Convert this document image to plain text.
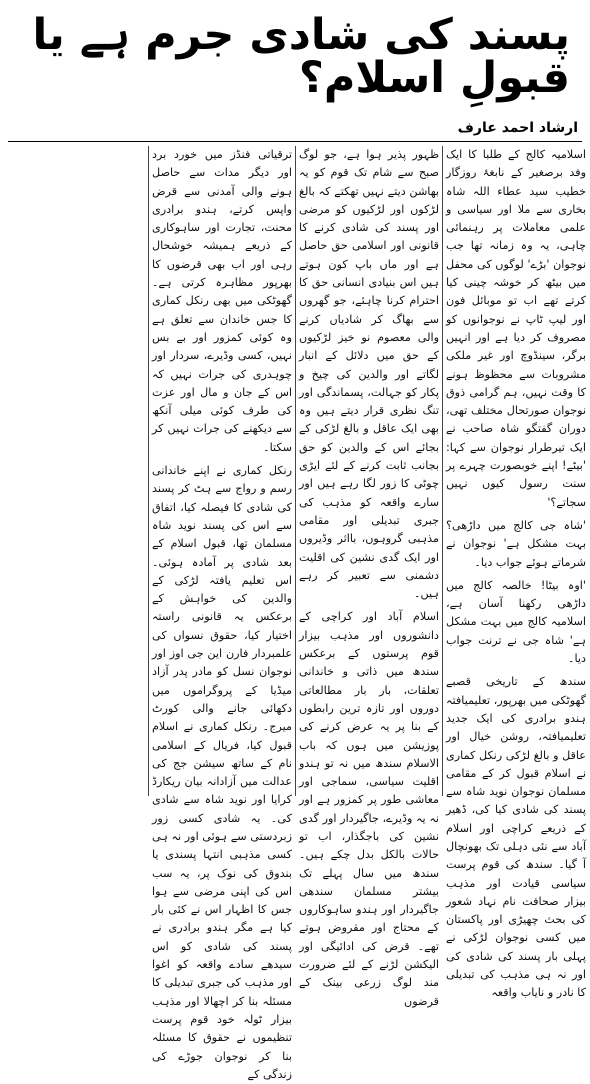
پسند کی شادی جرم ہے یا قبولِ اسلام؟
ارشاد احمد عارف

اسلامیہ کالج کے طلبا کا ایک وفد برصغیر کے نابغۂ روزگار خطیب سید عطاء اللہ شاہ بخاری سے ملا اور سیاسی و علمی معاملات پر رہنمائی چاہی، یہ وہ زمانہ تھا جب نوجوان 'بڑے' لوگوں کی محفل میں بیٹھ کر خوشہ چینی کیا کرتے تھے اب تو موبائل فون اور لیپ ٹاپ نے نوجوانوں کو مصروف کر دیا ہے اور انہیں برگر، سینڈوچ اور غیر ملکی مشروبات سے محظوظ ہونے کا وقت نہیں، ہم گرامی ذوق نوجوان صورتحال مختلف تھی، دوران گفتگو شاہ صاحب نے ایک تیرطرار نوجوان سے کہا: 'بیٹے! اپنے خوبصورت چہرے پر سنت رسول کیوں نہیں سجاتے؟'

'شاہ جی کالج میں داڑھی؟ بہت مشکل ہے' نوجوان نے شرماتے ہوئے جواب دیا۔

'اوہ بیٹا! خالصہ کالج میں داڑھی رکھنا آسان ہے، اسلامیہ کالج میں بہت مشکل ہے' شاہ جی نے ترنت جواب دیا۔

سندھ کے تاریخی قصبے گھوٹکی میں بھرپور، تعلیمیافتہ ہندو برادری کی ایک جدید تعلیمیافتہ، روشن خیال اور عاقل و بالغ لڑکی رنکل کماری نے اسلام قبول کر کے مقامی مسلمان نوجوان نوید شاہ سے پسند کی شادی کیا کی، ڈھیر کے ذریعے کراچی اور اسلام آباد سے نئی دہلی تک بھونچال آ گیا۔ سندھ کی قوم پرست سیاسی قیادت اور مذہب بیزار صحافت نام نہاد شعور کی بحث چھیڑی اور پاکستان میں کسی نوجوان لڑکی نے پہلی بار پسند کی شادی کی اور نہ ہی مذہب کی تبدیلی کا نادر و نایاب واقعہ

ظہور پذیر ہوا ہے، جو لوگ صبح سے شام تک قوم کو یہ بھاشن دیتے نہیں تھکتے کہ بالغ لڑکوں اور لڑکیوں کو مرضی اور پسند کی شادی کرنے کا قانونی اور اسلامی حق حاصل ہے اور ماں باپ کون ہوتے ہیں اس بنیادی انسانی حق کا احترام کرنا چاہئے، جو گھروں سے بھاگ کر شادیاں کرنے والی معصوم نو خیز لڑکیوں کے حق میں دلائل کے انبار لگاتے اور والدین کی چیخ و پکار کو جہالت، پسماندگی اور تنگ نظری قرار دیتے ہیں وہ بھی ایک عاقل و بالغ لڑکی کے بجائے اس کے والدین کو حق بجانب ثابت کرنے کے لئے ایڑی چوٹی کا زور لگا رہے ہیں اور سارے واقعہ کو مذہب کی جبری تبدیلی اور مقامی مذہبی گروہوں، بااثر وڈیروں اور ایک گدی نشین کی اقلیت دشمنی سے تعبیر کر رہے ہیں۔

اسلام آباد اور کراچی کے دانشوروں اور مذہب بیزار قوم پرستوں کے برعکس سندھ میں ذاتی و خاندانی تعلقات، بار بار مطالعاتی دوروں اور تازہ ترین رابطوں کے بنا پر یہ عرض کرنے کی پوزیشن میں ہوں کہ باب الاسلام سندھ میں نہ تو ہندو اقلیت سیاسی، سماجی اور معاشی طور پر کمزور ہے اور نہ یہ وڈیرے، جاگیردار اور گدی نشین کی باجگذار، اب تو حالات بالکل بدل چکے ہیں۔ سندھ میں سال پہلے تک بیشتر مسلمان سندھی جاگیردار اور ہندو ساہوکاروں کے محتاج اور مقروض ہوتے تھے۔ قرض کی ادائیگی اور الیکشن لڑنے کے لئے ضرورت مند لوگ زرعی بینک کے قرضوں

ترقیاتی فنڈز میں خورد برد اور دیگر مدات سے حاصل ہونے والی آمدنی سے قرض واپس کرتے، ہندو برادری محنت، تجارت اور ساہوکاری کے ذریعے ہمیشہ خوشحال رہی اور اب بھی قرضوں کا بھرپور مظاہرہ کرتی ہے۔ گھوٹکی میں بھی رنکل کماری کا جس خاندان سے تعلق ہے وہ کوئی کمزور اور بے بس نہیں، کسی وڈیرے، سردار اور چوہدری کی جرات نہیں کہ اس کے جان و مال اور عزت کی طرف کوئی میلی آنکھ سے دیکھنے کی جرات نہیں کر سکتا۔

رنکل کماری نے اپنے خاندانی رسم و رواج سے ہٹ کر پسند کی شادی کا فیصلہ کیا، اتفاق سے اس کی پسند نوید شاہ مسلمان تھا، قبول اسلام کے بعد شادی پر آمادہ ہوئی۔ اس تعلیم یافتہ لڑکی کے والدین کی خواہش کے برعکس یہ قانونی راستہ اختیار کیا، حقوق نسواں کی علمبردار فارن این جی اوز اور نوجوان نسل کو مادر پدر آزاد میڈیا کے پروگراموں میں دکھائی جانے والی کورٹ میرج۔ رنکل کماری نے اسلام قبول کیا، فریال کے اسلامی نام کے ساتھ سیشن جج کی عدالت میں آزادانہ بیان ریکارڈ کرایا اور نوید شاہ سے شادی کی۔ یہ شادی کسی زور زبردستی سے ہوئی اور نہ ہی کسی مذہبی انتہا پسندی یا بندوق کی نوک پر، یہ سب اس کی اپنی مرضی سے ہوا جس کا اظہار اس نے کئی بار کیا ہے مگر ہندو برادری نے پسند کی شادی کو اس سیدھے سادے واقعہ کو اغوا اور مذہب کی جبری تبدیلی کا مسئلہ بنا کر اچھالا اور مذہب بیزار ٹولہ خود قوم پرست تنظیموں نے حقوق کا مسئلہ بنا کر نوجوان جوڑے کی زندگی کے
